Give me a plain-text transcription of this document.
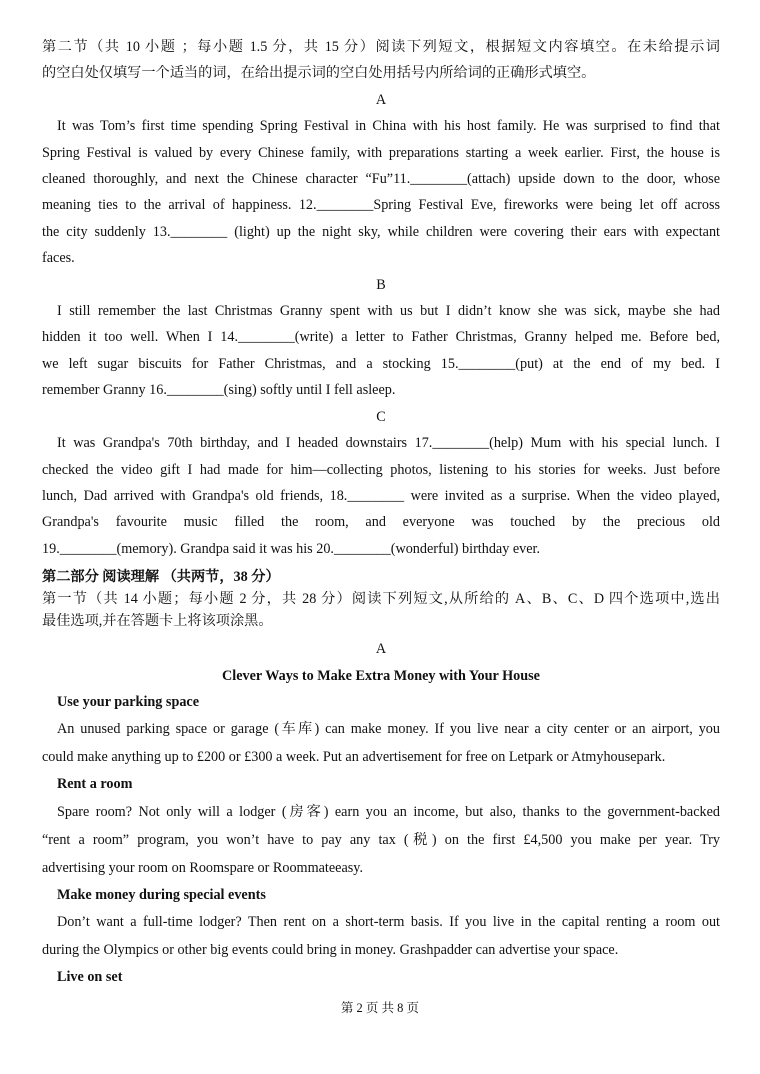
第二节（共 10 小题 ；每小题 1.5 分，共 15 分）阅读下列短文，根据短文内容填空。在未给提示词

的空白处仅填写一个适当的词，在给出提示词的空白处用括号内所给词的正确形式填空。

A

It was Tom’s first time spending Spring Festival in China with his host family. He was surprised to find that

Spring Festival is valued by every Chinese family, with preparations starting a week earlier. First, the house is

cleaned thoroughly, and next the Chinese character “Fu”11.________(attach) upside down to the door, whose

meaning ties to the arrival of happiness. 12.________Spring Festival Eve, fireworks were being let off across

the city suddenly 13.________ (light) up the night sky, while children were covering their ears with expectant

faces.

B

I still remember the last Christmas Granny spent with us but I didn’t know she was sick, maybe she had

hidden it too well. When I 14.________(write) a letter to Father Christmas, Granny helped me. Before bed,

we left sugar biscuits for Father Christmas, and a stocking 15.________(put) at the end of my bed. I

remember Granny 16.________(sing) softly until I fell asleep.

C

It was Grandpa's 70th birthday, and I headed downstairs 17.________(help) Mum with his special lunch. I

checked the video gift I had made for him—collecting photos, listening to his stories for weeks. Just before

lunch, Dad arrived with Grandpa's old friends, 18.________ were invited as a surprise. When the video played,

Grandpa's favourite music filled the room, and everyone was touched by the precious old

19.________(memory). Grandpa said it was his 20.________(wonderful) birthday ever.

第二部分 阅读理解 （共两节，38 分）

第一节（共 14 小题；每小题 2 分，共 28 分）阅读下列短文,从所给的 A、B、C、D 四个选项中,选出

最佳选项,并在答题卡上将该项涂黑。

A

Clever Ways to Make Extra Money with Your House

Use your parking space

An unused parking space or garage (车库) can make money. If you live near a city center or an airport, you

could make anything up to £200 or £300 a week. Put an advertisement for free on Letpark or Atmyhousepark.

Rent a room

Spare room? Not only will a lodger (房客) earn you an income, but also, thanks to the government-backed

“rent a room” program, you won’t have to pay any tax (税) on the first £4,500 you make per year. Try

advertising your room on Roomspare or Roommateeasy.

Make money during special events

Don’t want a full-time lodger? Then rent on a short-term basis. If you live in the capital renting a room out

during the Olympics or other big events could bring in money. Grashpadder can advertise your space.

Live on set

第 2 页 共 8 页
